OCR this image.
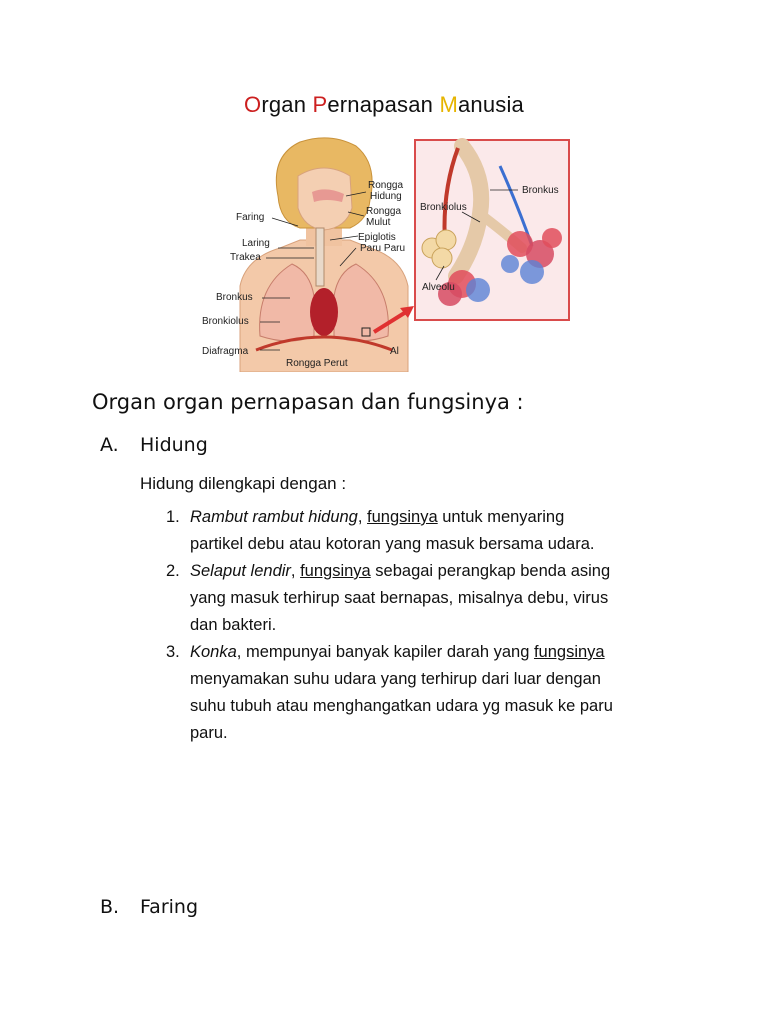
Organ Pernapasan Manusia
Faring
Laring
Trakea
Bronkus
Bronkiolus
Diafragma
Rongga Perut
Al
Rongga
Hidung
Rongga
Mulut
Epiglotis
Paru Paru
Bronkus
Bronkiolus
Alveolu
Organ organ pernapasan dan fungsinya :
A. Hidung
Hidung dilengkapi dengan :
1. Rambut rambut hidung, fungsinya untuk menyaring
partikel debu atau kotoran yang masuk bersama udara.
2. Selaput lendir, fungsinya sebagai perangkap benda asing
yang masuk terhirup saat bernapas, misalnya debu, virus
dan bakteri.
3. Konka, mempunyai banyak kapiler darah yang fungsinya
menyamakan suhu udara yang terhirup dari luar dengan
suhu tubuh atau menghangatkan udara yg masuk ke paru
paru.
B. Faring
